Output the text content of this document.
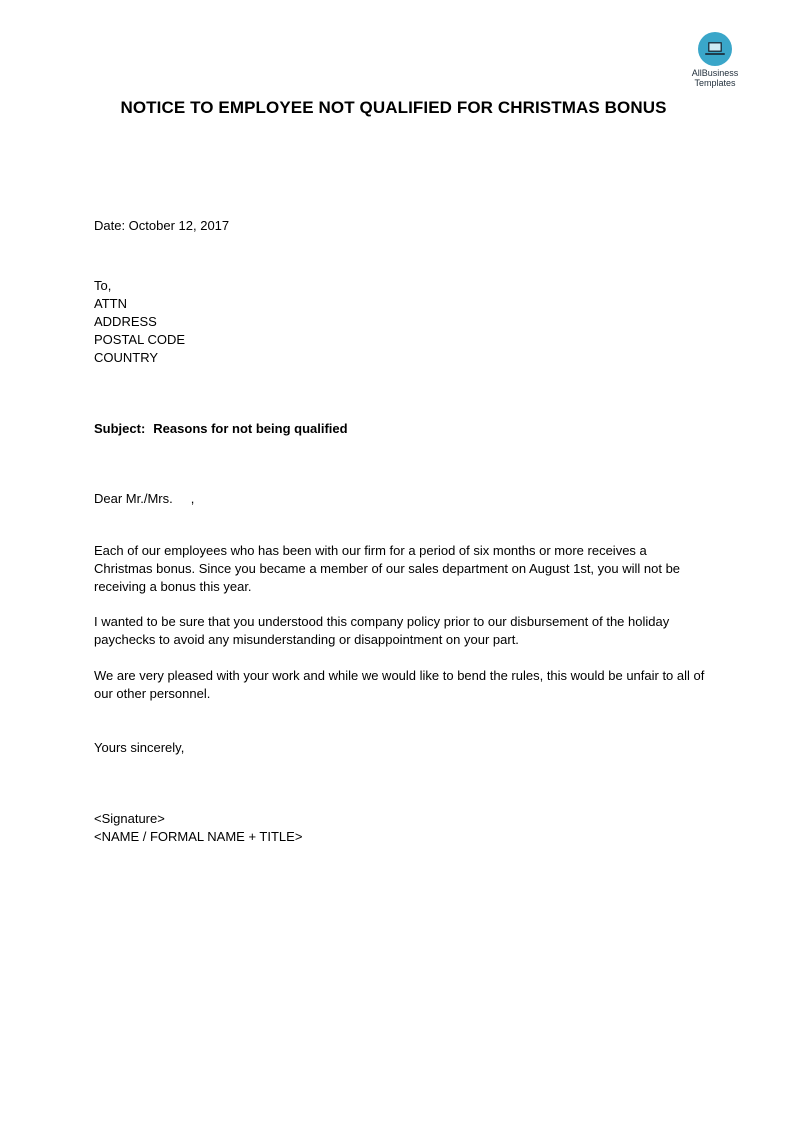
AllBusiness
Templates
NOTICE TO EMPLOYEE NOT QUALIFIED FOR CHRISTMAS BONUS
Date: October 12, 2017
To,
ATTN
ADDRESS
POSTAL CODE
COUNTRY
Subject: Reasons for not being qualified
Dear Mr./Mrs.     ,
Each of our employees who has been with our firm for a period of six months or more receives a Christmas bonus. Since you became a member of our sales department on August 1st, you will not be receiving a bonus this year.
I wanted to be sure that you understood this company policy prior to our disbursement of the holiday paychecks to avoid any misunderstanding or disappointment on your part.
We are very pleased with your work and while we would like to bend the rules, this would be unfair to all of our other personnel.
Yours sincerely,
<Signature>
<NAME / FORMAL NAME + TITLE>
